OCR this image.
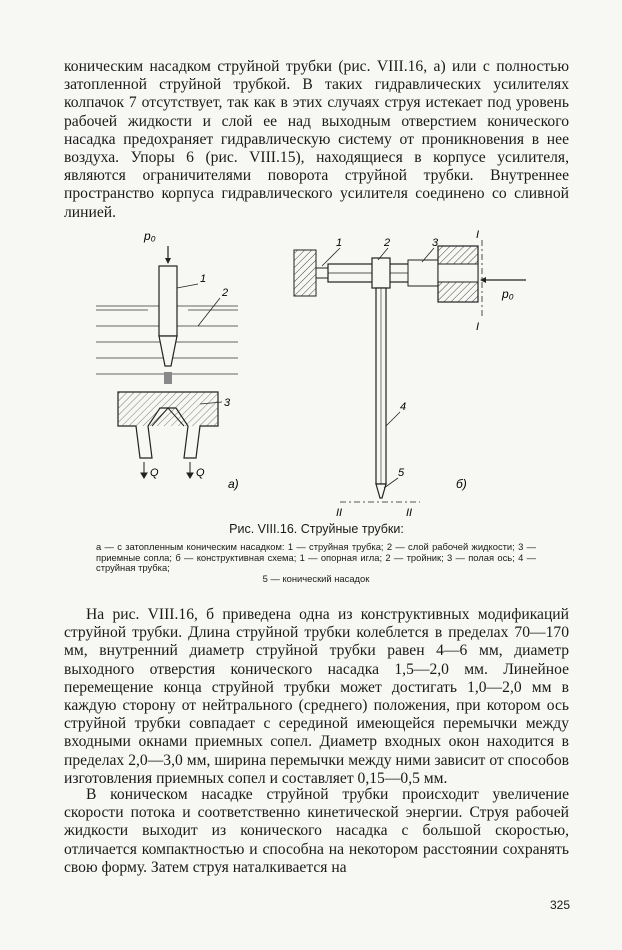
коническим насадком струйной трубки (рис. VIII.16, а) или с полностью затопленной струйной трубкой. В таких гидравлических усилителях колпачок 7 отсутствует, так как в этих случаях струя истекает под уровень рабочей жидкости и слой ее над выходным отверстием конического насадка предохраняет гидравлическую систему от проникновения в нее воздуха. Упоры 6 (рис. VIII.15), находящиеся в корпусе усилителя, являются ограничителями поворота струйной трубки. Внутреннее пространство корпуса гидравлического усилителя соединено со сливной линией.

p₀
1
2
3
Q	Q
а)
I
I
p₀
II	II
1	2	3
4
5
б)
Рис. VIII.16. Струйные трубки:
а — с затопленным коническим насадком: 1 — струйная трубка; 2 — слой рабочей жидкости; 3 — приемные сопла; б — конструктивная схема; 1 — опорная игла; 2 — тройник; 3 — полая ось; 4 — струйная трубка;
5 — конический насадок

На рис. VIII.16, б приведена одна из конструктивных модификаций струйной трубки. Длина струйной трубки колеблется в пределах 70—170 мм, внутренний диаметр струйной трубки равен 4—6 мм, диаметр выходного отверстия конического насадка 1,5—2,0 мм. Линейное перемещение конца струйной трубки может достигать 1,0—2,0 мм в каждую сторону от нейтрального (среднего) положения, при котором ось струйной трубки совпадает с серединой имеющейся перемычки между входными окнами приемных сопел. Диаметр входных окон находится в пределах 2,0—3,0 мм, ширина перемычки между ними зависит от способов изготовления приемных сопел и составляет 0,15—0,5 мм.

В коническом насадке струйной трубки происходит увеличение скорости потока и соответственно кинетической энергии. Струя рабочей жидкости выходит из конического насадка с большой скоростью, отличается компактностью и способна на некотором расстоянии сохранять свою форму. Затем струя наталкивается на

325
